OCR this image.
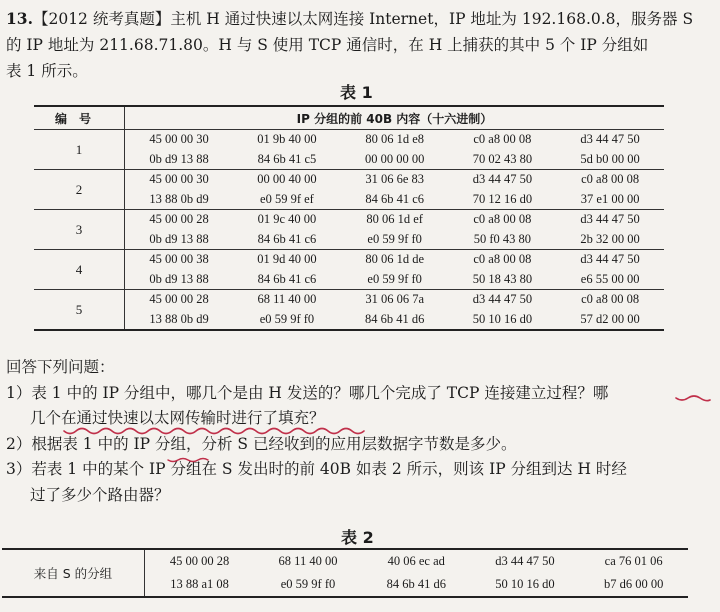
13.【2012 统考真题】主机 H 通过快速以太网连接 Internet，IP 地址为 192.168.0.8，服务器 S
的 IP 地址为 211.68.71.80。H 与 S 使用 TCP 通信时，在 H 上捕获的其中 5 个 IP 分组如
表 1 所示。
表 1
编号	IP 分组的前 40B 内容（十六进制）				
1	45 00 00 30	01 9b 40 00	80 06 1d e8	c0 a8 00 08	d3 44 47 50
	0b d9 13 88	84 6b 41 c5	00 00 00 00	70 02 43 80	5d b0 00 00
2	45 00 00 30	00 00 40 00	31 06 6e 83	d3 44 47 50	c0 a8 00 08
	13 88 0b d9	e0 59 9f ef	84 6b 41 c6	70 12 16 d0	37 e1 00 00
3	45 00 00 28	01 9c 40 00	80 06 1d ef	c0 a8 00 08	d3 44 47 50
	0b d9 13 88	84 6b 41 c6	e0 59 9f f0	50 f0 43 80	2b 32 00 00
4	45 00 00 38	01 9d 40 00	80 06 1d de	c0 a8 00 08	d3 44 47 50
	0b d9 13 88	84 6b 41 c6	e0 59 9f f0	50 18 43 80	e6 55 00 00
5	45 00 00 28	68 11 40 00	31 06 06 7a	d3 44 47 50	c0 a8 00 08
	13 88 0b d9	e0 59 9f f0	84 6b 41 d6	50 10 16 d0	57 d2 00 00
回答下列问题：
1）表 1 中的 IP 分组中，哪几个是由 H 发送的？哪几个完成了 TCP 连接建立过程？哪
几个在通过快速以太网传输时进行了填充？
2）根据表 1 中的 IP 分组，分析 S 已经收到的应用层数据字节数是多少。
3）若表 1 中的某个 IP 分组在 S 发出时的前 40B 如表 2 所示，则该 IP 分组到达 H 时经
过了多少个路由器？
表 2
来自 S 的分组	45 00 00 28	68 11 40 00	40 06 ec ad	d3 44 47 50	ca 76 01 06
	13 88 a1 08	e0 59 9f f0	84 6b 41 d6	50 10 16 d0	b7 d6 00 00
